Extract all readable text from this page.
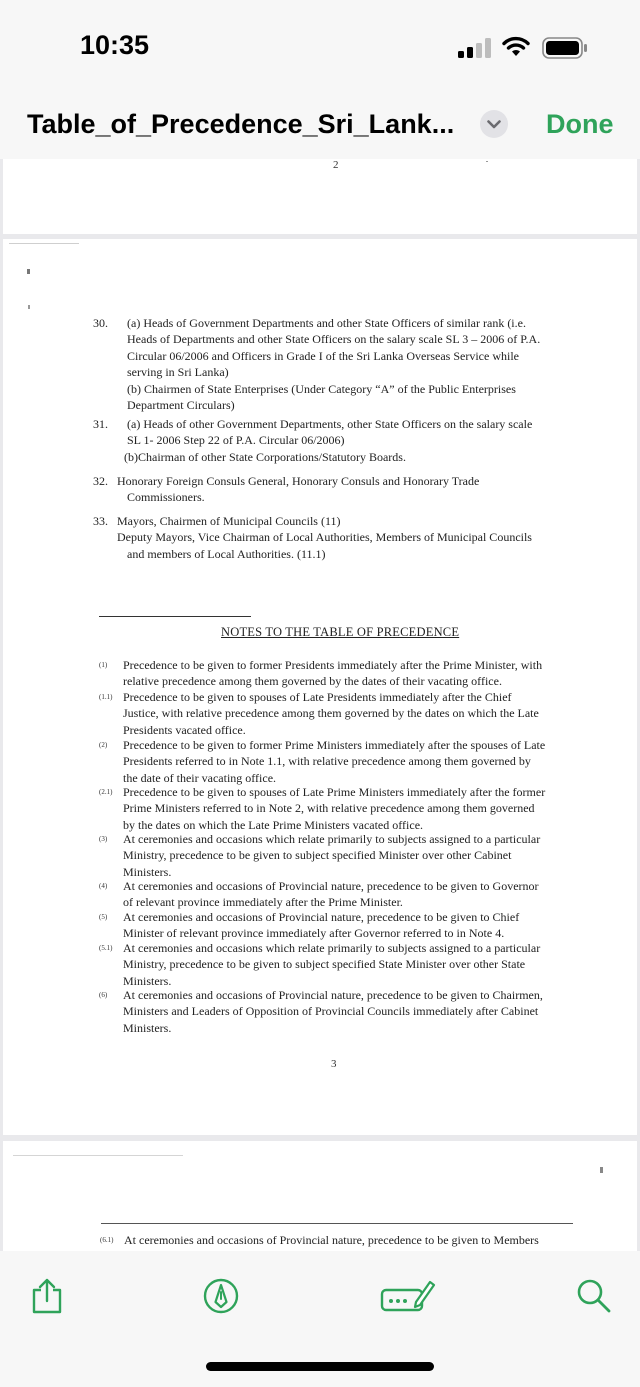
10:35
Table_of_Precedence_Sri_Lank...	Done
2
30. (a) Heads of Government Departments and other State Officers of similar rank (i.e.
Heads of Departments and other State Officers on the salary scale SL 3 – 2006 of P.A.
Circular 06/2006 and Officers in Grade I of the Sri Lanka Overseas Service while
serving in Sri Lanka)
(b) Chairmen of State Enterprises (Under Category “A” of the Public Enterprises
Department Circulars)
31. (a) Heads of other Government Departments, other State Officers on the salary scale
SL 1- 2006 Step 22 of P.A. Circular 06/2006)
(b)Chairman of other State Corporations/Statutory Boards.
32. Honorary Foreign Consuls General, Honorary Consuls and Honorary Trade
Commissioners.
33. Mayors, Chairmen of Municipal Councils (11)
Deputy Mayors, Vice Chairman of Local Authorities, Members of Municipal Councils
and members of Local Authorities. (11.1)
NOTES TO THE TABLE OF PRECEDENCE
(1) Precedence to be given to former Presidents immediately after the Prime Minister, with
relative precedence among them governed by the dates of their vacating office.
(1.1) Precedence to be given to spouses of Late Presidents immediately after the Chief
Justice, with relative precedence among them governed by the dates on which the Late
Presidents vacated office.
(2) Precedence to be given to former Prime Ministers immediately after the spouses of Late
Presidents referred to in Note 1.1, with relative precedence among them governed by
the date of their vacating office.
(2.1) Precedence to be given to spouses of Late Prime Ministers immediately after the former
Prime Ministers referred to in Note 2, with relative precedence among them governed
by the dates on which the Late Prime Ministers vacated office.
(3) At ceremonies and occasions which relate primarily to subjects assigned to a particular
Ministry, precedence to be given to subject specified Minister over other Cabinet
Ministers.
(4) At ceremonies and occasions of Provincial nature, precedence to be given to Governor
of relevant province immediately after the Prime Minister.
(5) At ceremonies and occasions of Provincial nature, precedence to be given to Chief
Minister of relevant province immediately after Governor referred to in Note 4.
(5.1) At ceremonies and occasions which relate primarily to subjects assigned to a particular
Ministry, precedence to be given to subject specified State Minister over other State
Ministers.
(6) At ceremonies and occasions of Provincial nature, precedence to be given to Chairmen,
Ministers and Leaders of Opposition of Provincial Councils immediately after Cabinet
Ministers.
3
(6.1) At ceremonies and occasions of Provincial nature, precedence to be given to Members
